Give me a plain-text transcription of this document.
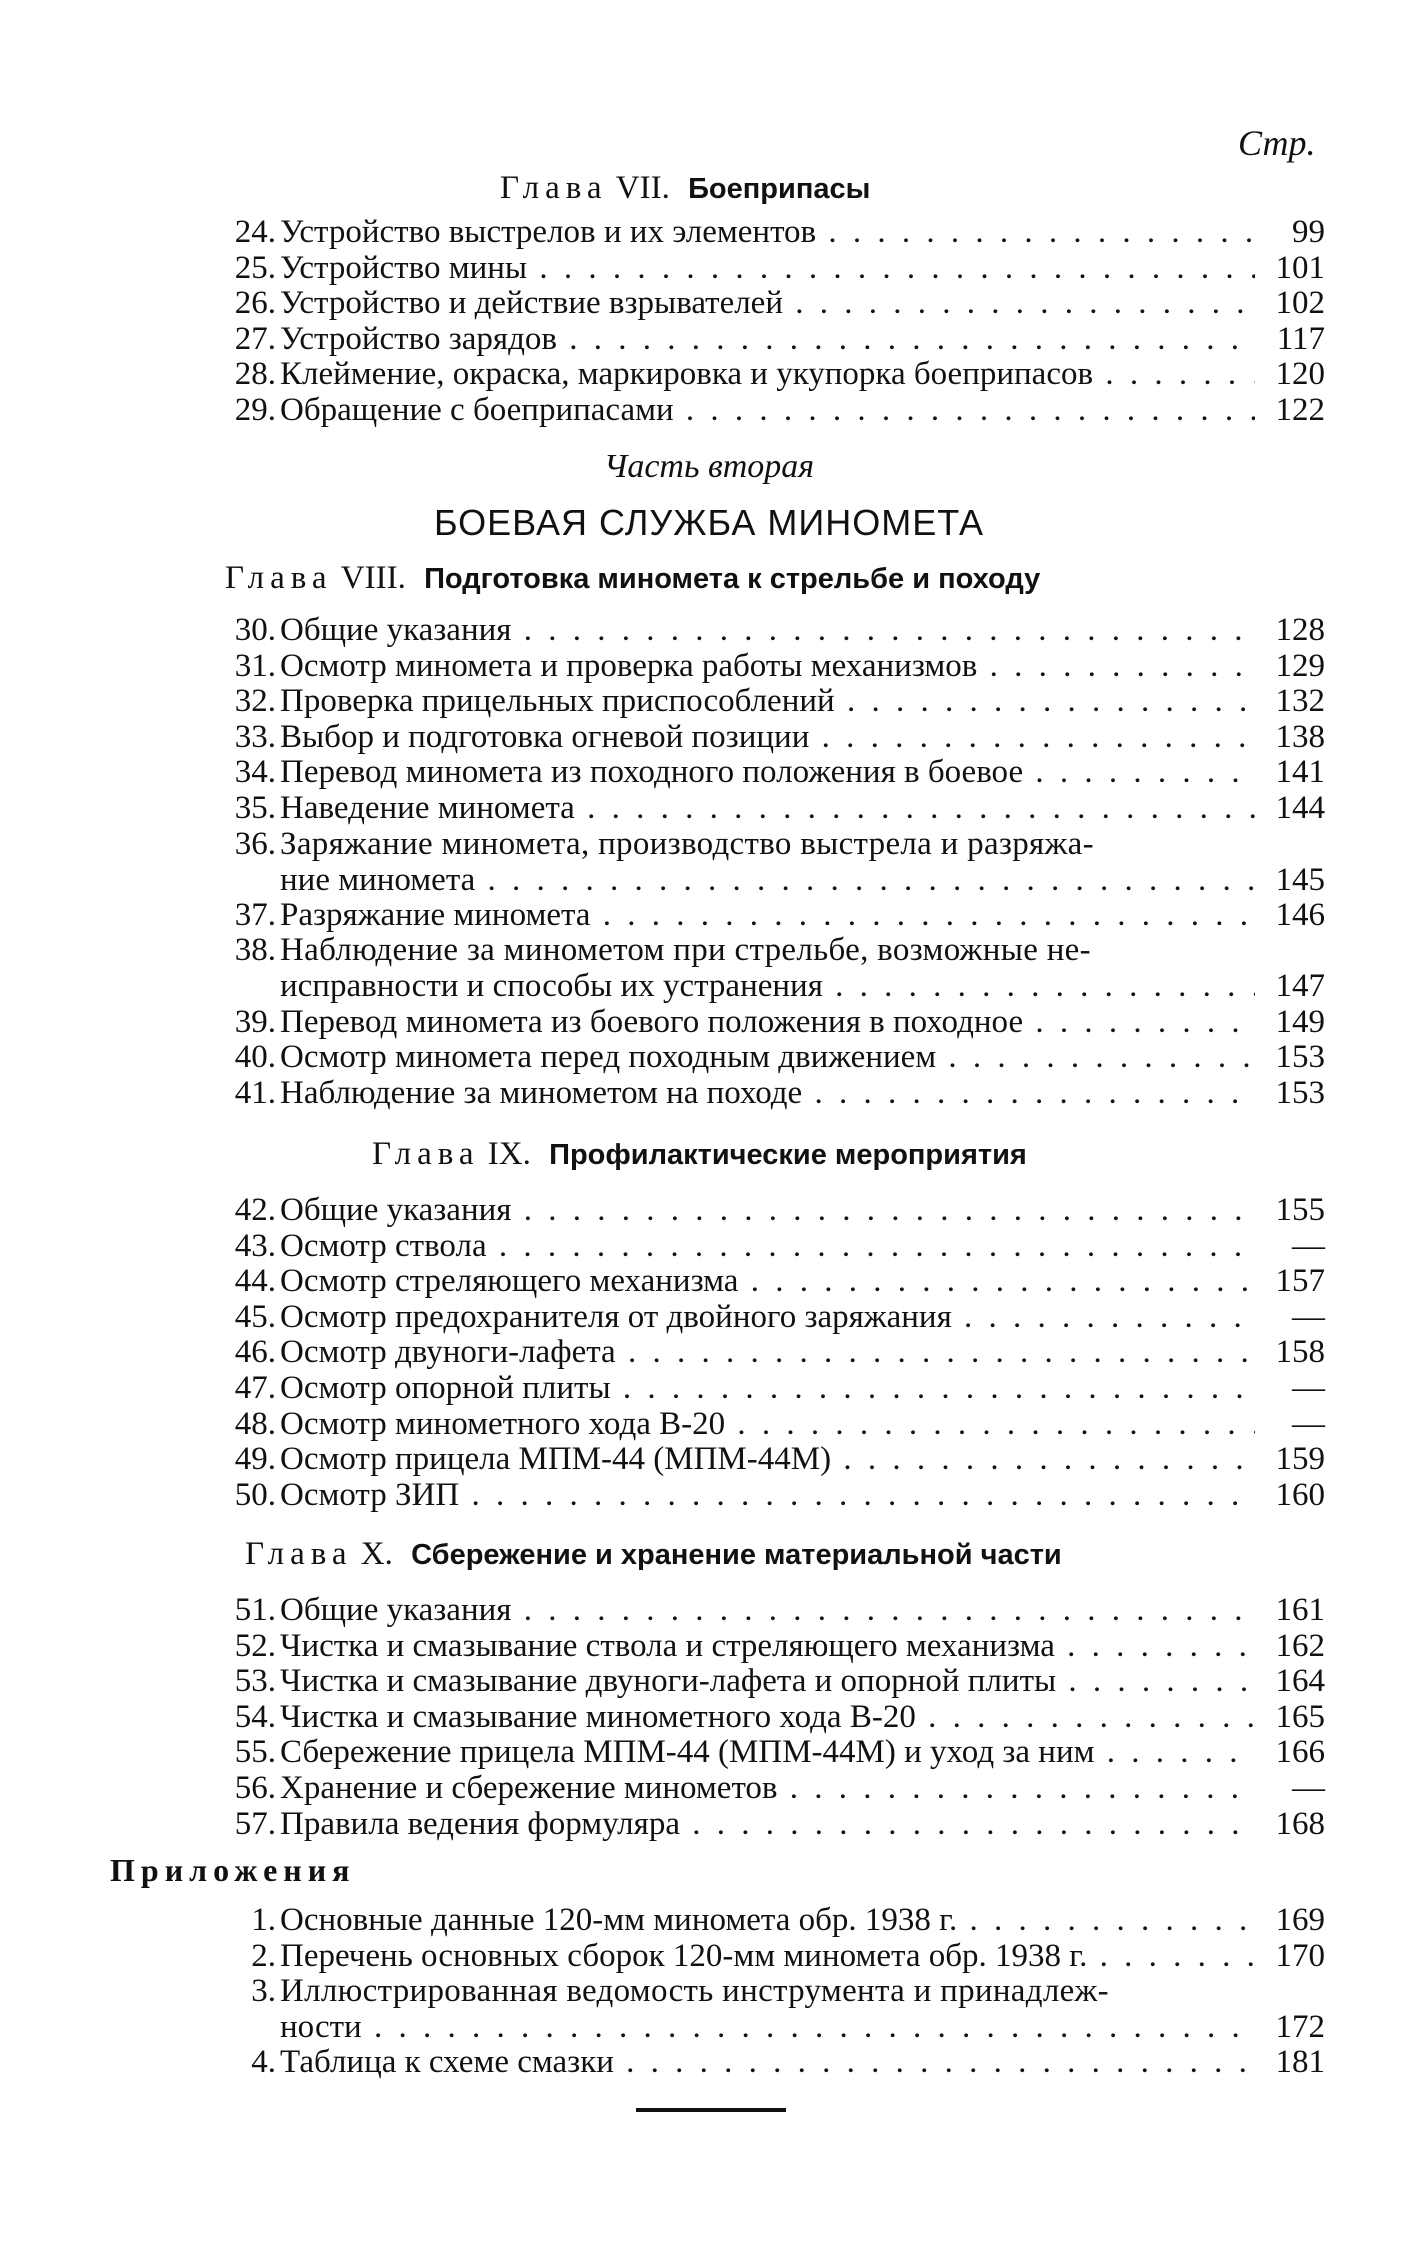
Стр.
Глава VII. Боеприпасы
24. Устройство выстрелов и их элементов . . .	99
25. Устройство мины . . .	101
26. Устройство и действие взрывателей . . .	102
27. Устройство зарядов . . .	117
28. Клеймение, окраска, маркировка и укупорка боеприпасов . . .	120
29. Обращение с боеприпасами . . .	122
Часть вторая
БОЕВАЯ СЛУЖБА МИНОМЕТА
Глава VIII. Подготовка миномета к стрельбе и походу
30. Общие указания . . .	128
31. Осмотр миномета и проверка работы механизмов . . .	129
32. Проверка прицельных приспособлений . . .	132
33. Выбор и подготовка огневой позиции . . .	138
34. Перевод миномета из походного положения в боевое . . .	141
35. Наведение миномета . . .	144
36. Заряжание миномета, производство выстрела и разряжа-
ние миномета . . .	145
37. Разряжание миномета . . .	146
38. Наблюдение за минометом при стрельбе, возможные не-
исправности и способы их устранения . . .	147
39. Перевод миномета из боевого положения в походное . . .	149
40. Осмотр миномета перед походным движением . . .	153
41. Наблюдение за минометом на походе . . .	153
Глава IX. Профилактические мероприятия
42. Общие указания . . .	155
43. Осмотр ствола . . .	—
44. Осмотр стреляющего механизма . . .	157
45. Осмотр предохранителя от двойного заряжания . . .	—
46. Осмотр двуноги-лафета . . .	158
47. Осмотр опорной плиты . . .	—
48. Осмотр минометного хода В-20 . . .	—
49. Осмотр прицела МПМ-44 (МПМ-44М) . . .	159
50. Осмотр ЗИП . . .	160
Глава X. Сбережение и хранение материальной части
51. Общие указания . . .	161
52. Чистка и смазывание ствола и стреляющего механизма . . .	162
53. Чистка и смазывание двуноги-лафета и опорной плиты . . .	164
54. Чистка и смазывание минометного хода В-20 . . .	165
55. Сбережение прицела МПМ-44 (МПМ-44М) и уход за ним . . .	166
56. Хранение и сбережение минометов . . .	—
57. Правила ведения формуляра . . .	168
Приложения
1. Основные данные 120-мм миномета обр. 1938 г. . . .	169
2. Перечень основных сборок 120-мм миномета обр. 1938 г. . . .	170
3. Иллюстрированная ведомость инструмента и принадлеж-
ности . . .	172
4. Таблица к схеме смазки . . .	181
